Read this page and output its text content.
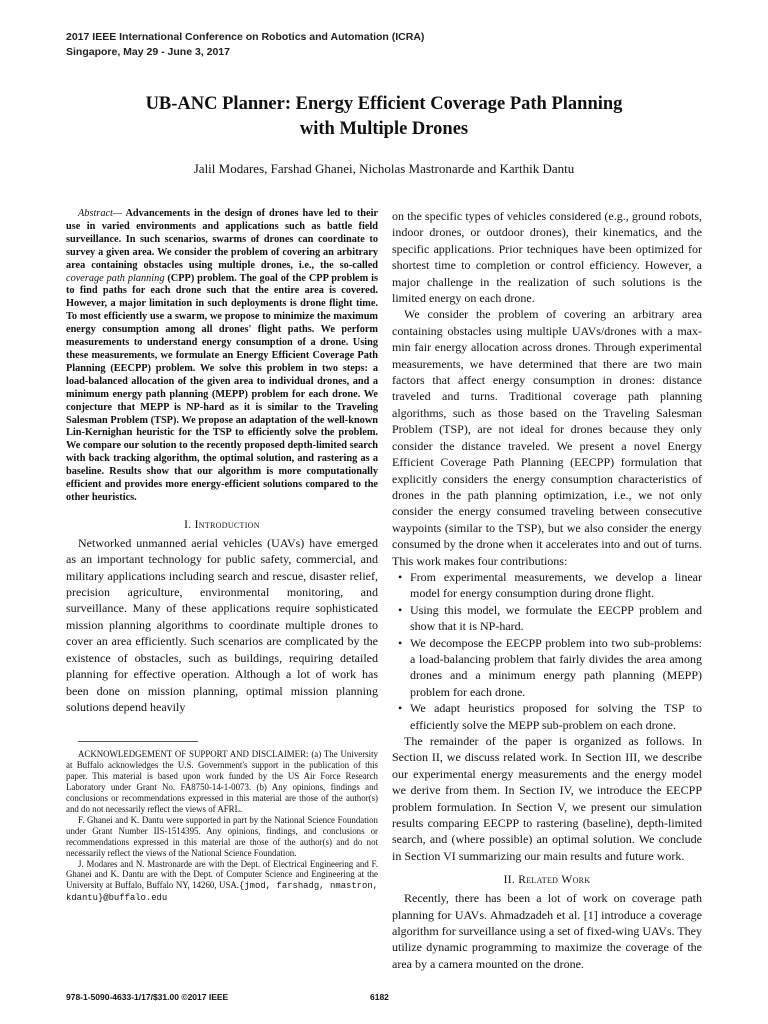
2017 IEEE International Conference on Robotics and Automation (ICRA)
Singapore, May 29 - June 3, 2017
UB-ANC Planner: Energy Efficient Coverage Path Planning
with Multiple Drones
Jalil Modares, Farshad Ghanei, Nicholas Mastronarde and Karthik Dantu

Abstract— Advancements in the design of drones have led to their use in varied environments and applications such as battle field surveillance. In such scenarios, swarms of drones can coordinate to survey a given area. We consider the problem of covering an arbitrary area containing obstacles using multiple drones, i.e., the so-called coverage path planning (CPP) problem. The goal of the CPP problem is to find paths for each drone such that the entire area is covered. However, a major limitation in such deployments is drone flight time. To most efficiently use a swarm, we propose to minimize the maximum energy consumption among all drones' flight paths. We perform measurements to understand energy consumption of a drone. Using these measurements, we formulate an Energy Efficient Coverage Path Planning (EECPP) problem. We solve this problem in two steps: a load-balanced allocation of the given area to individual drones, and a minimum energy path planning (MEPP) problem for each drone. We conjecture that MEPP is NP-hard as it is similar to the Traveling Salesman Problem (TSP). We propose an adaptation of the well-known Lin-Kernighan heuristic for the TSP to efficiently solve the problem. We compare our solution to the recently proposed depth-limited search with back tracking algorithm, the optimal solution, and rastering as a baseline. Results show that our algorithm is more computationally efficient and provides more energy-efficient solutions compared to the other heuristics.

I. Introduction

Networked unmanned aerial vehicles (UAVs) have emerged as an important technology for public safety, commercial, and military applications including search and rescue, disaster relief, precision agriculture, environmental monitoring, and surveillance. Many of these applications require sophisticated mission planning algorithms to coordinate multiple drones to cover an area efficiently. Such scenarios are complicated by the existence of obstacles, such as buildings, requiring detailed planning for effective operation. Although a lot of work has been done on mission planning, optimal mission planning solutions depend heavily

ACKNOWLEDGEMENT OF SUPPORT AND DISCLAIMER: (a) The University at Buffalo acknowledges the U.S. Government's support in the publication of this paper. This material is based upon work funded by the US Air Force Research Laboratory under Grant No. FA8750-14-1-0073. (b) Any opinions, findings and conclusions or recommendations expressed in this material are those of the author(s) and do not necessarily reflect the views of AFRL.

F. Ghanei and K. Dantu were supported in part by the National Science Foundation under Grant Number IIS-1514395. Any opinions, findings, and conclusions or recommendations expressed in this material are those of the author(s) and do not necessarily reflect the views of the National Science Foundation.

J. Modares and N. Mastronarde are with the Dept. of Electrical Engineering and F. Ghanei and K. Dantu are with the Dept. of Computer Science and Engineering at the University at Buffalo, Buffalo NY, 14260, USA.{jmod, farshadg, nmastron, kdantu}@buffalo.edu

on the specific types of vehicles considered (e.g., ground robots, indoor drones, or outdoor drones), their kinematics, and the specific applications. Prior techniques have been optimized for shortest time to completion or control efficiency. However, a major challenge in the realization of such solutions is the limited energy on each drone.

We consider the problem of covering an arbitrary area containing obstacles using multiple UAVs/drones with a max-min fair energy allocation across drones. Through experimental measurements, we have determined that there are two main factors that affect energy consumption in drones: distance traveled and turns. Traditional coverage path planning algorithms, such as those based on the Traveling Salesman Problem (TSP), are not ideal for drones because they only consider the distance traveled. We present a novel Energy Efficient Coverage Path Planning (EECPP) formulation that explicitly considers the energy consumption characteristics of drones in the path planning optimization, i.e., we not only consider the energy consumed traveling between consecutive waypoints (similar to the TSP), but we also consider the energy consumed by the drone when it accelerates into and out of turns. This work makes four contributions:

• From experimental measurements, we develop a linear model for energy consumption during drone flight.
• Using this model, we formulate the EECPP problem and show that it is NP-hard.
• We decompose the EECPP problem into two sub-problems: a load-balancing problem that fairly divides the area among drones and a minimum energy path planning (MEPP) problem for each drone.
• We adapt heuristics proposed for solving the TSP to efficiently solve the MEPP sub-problem on each drone.

The remainder of the paper is organized as follows. In Section II, we discuss related work. In Section III, we describe our experimental energy measurements and the energy model we derive from them. In Section IV, we introduce the EECPP problem formulation. In Section V, we present our simulation results comparing EECPP to rastering (baseline), depth-limited search, and (where possible) an optimal solution. We conclude in Section VI summarizing our main results and future work.

II. Related Work

Recently, there has been a lot of work on coverage path planning for UAVs. Ahmadzadeh et al. [1] introduce a coverage algorithm for surveillance using a set of fixed-wing UAVs. They utilize dynamic programming to maximize the coverage of the area by a camera mounted on the drone.

978-1-5090-4633-1/17/$31.00 ©2017 IEEE	6182
